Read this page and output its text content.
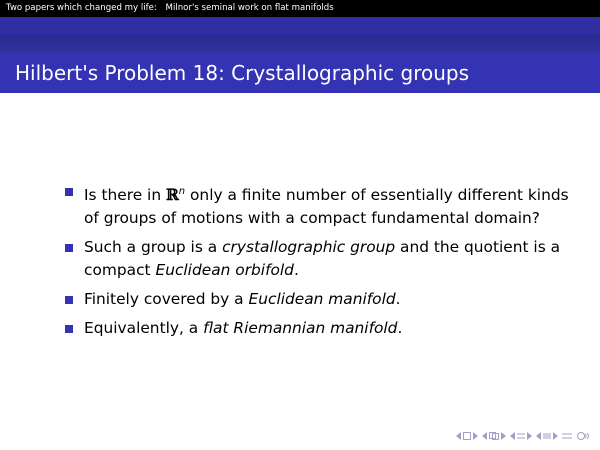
Two papers which changed my life: Milnor's seminal work on flat manifolds
Hilbert's Problem 18: Crystallographic groups
Is there in ℝ$^n$ only a finite number of essentially different kinds of groups of motions with a compact fundamental domain?
Such a group is a crystallographic group and the quotient is a compact Euclidean orbifold.
Finitely covered by a Euclidean manifold.
Equivalently, a flat Riemannian manifold.
